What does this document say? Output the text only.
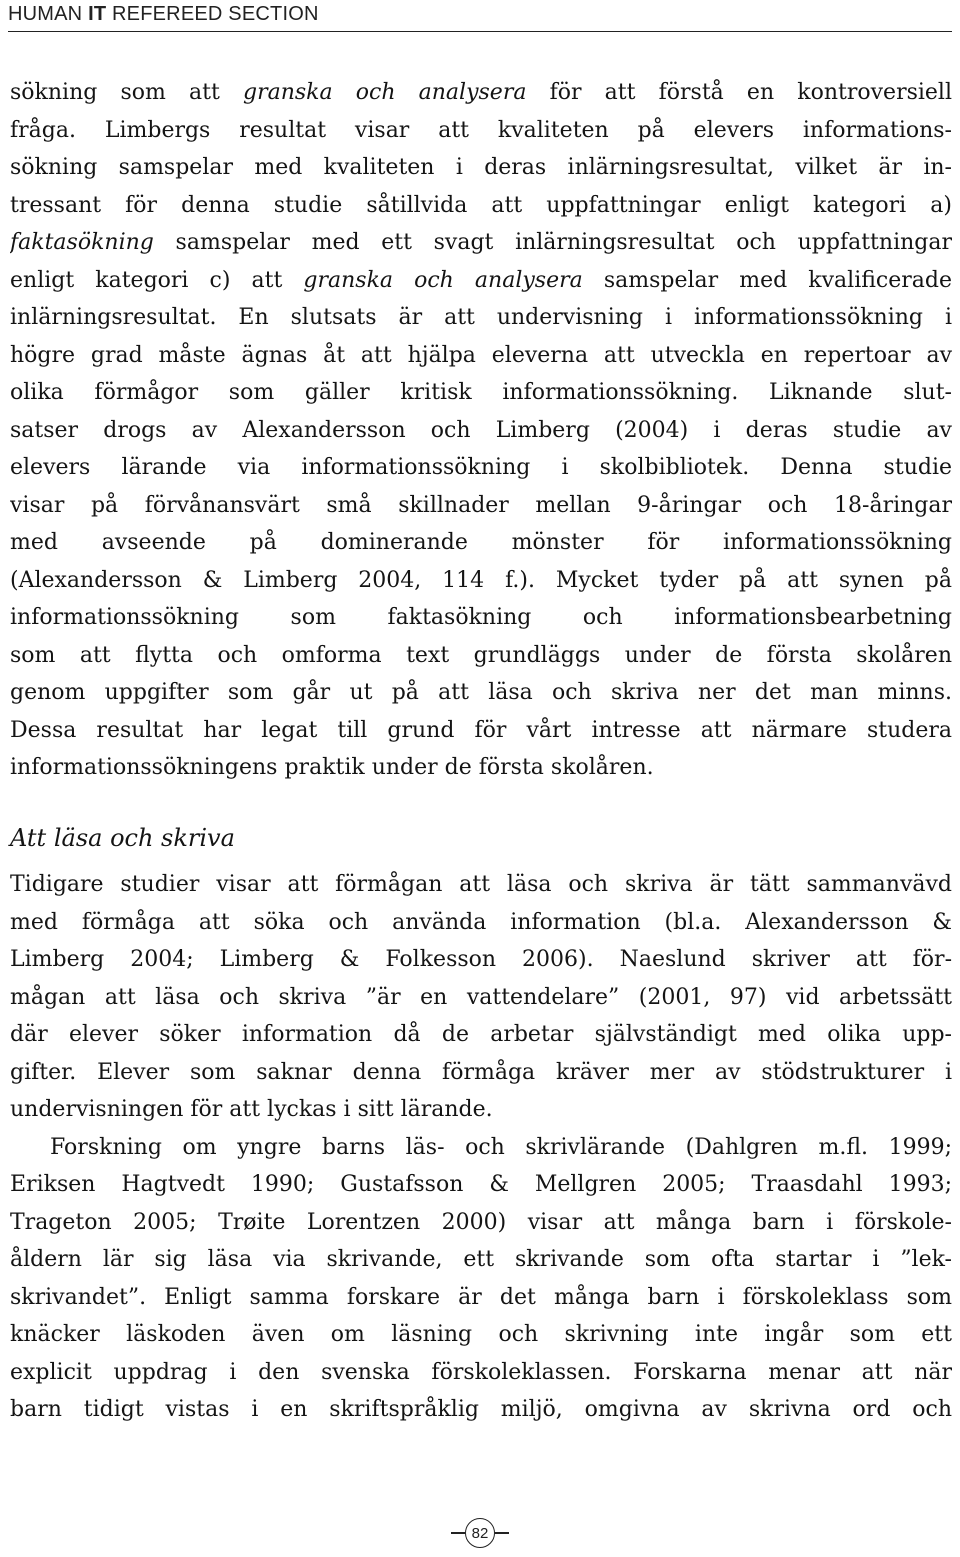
HUMAN IT REFEREED SECTION
sökning som att granska och analysera för att förstå en kontroversiell
fråga. Limbergs resultat visar att kvaliteten på elevers informations-
sökning samspelar med kvaliteten i deras inlärningsresultat, vilket är in-
tressant för denna studie såtillvida att uppfattningar enligt kategori a)
faktasökning samspelar med ett svagt inlärningsresultat och uppfattningar
enligt kategori c) att granska och analysera samspelar med kvalificerade
inlärningsresultat. En slutsats är att undervisning i informationssökning i
högre grad måste ägnas åt att hjälpa eleverna att utveckla en repertoar av
olika förmågor som gäller kritisk informationssökning. Liknande slut-
satser drogs av Alexandersson och Limberg (2004) i deras studie av
elevers lärande via informationssökning i skolbibliotek. Denna studie
visar på förvånansvärt små skillnader mellan 9-åringar och 18-åringar
med avseende på dominerande mönster för informationssökning
(Alexandersson & Limberg 2004, 114 f.). Mycket tyder på att synen på
informationssökning som faktasökning och informationsbearbetning
som att flytta och omforma text grundläggs under de första skolåren
genom uppgifter som går ut på att läsa och skriva ner det man minns.
Dessa resultat har legat till grund för vårt intresse att närmare studera
informationssökningens praktik under de första skolåren.
Att läsa och skriva
Tidigare studier visar att förmågan att läsa och skriva är tätt sammanvävd
med förmåga att söka och använda information (bl.a. Alexandersson &
Limberg 2004; Limberg & Folkesson 2006). Naeslund skriver att för-
mågan att läsa och skriva ”är en vattendelare” (2001, 97) vid arbetssätt
där elever söker information då de arbetar självständigt med olika upp-
gifter. Elever som saknar denna förmåga kräver mer av stödstrukturer i
undervisningen för att lyckas i sitt lärande.
Forskning om yngre barns läs- och skrivlärande (Dahlgren m.fl. 1999;
Eriksen Hagtvedt 1990; Gustafsson & Mellgren 2005; Traasdahl 1993;
Trageton 2005; Trøite Lorentzen 2000) visar att många barn i förskole-
åldern lär sig läsa via skrivande, ett skrivande som ofta startar i ”lek-
skrivandet”. Enligt samma forskare är det många barn i förskoleklass som
knäcker läskoden även om läsning och skrivning inte ingår som ett
explicit uppdrag i den svenska förskoleklassen. Forskarna menar att när
barn tidigt vistas i en skriftspråklig miljö, omgivna av skrivna ord och
82
